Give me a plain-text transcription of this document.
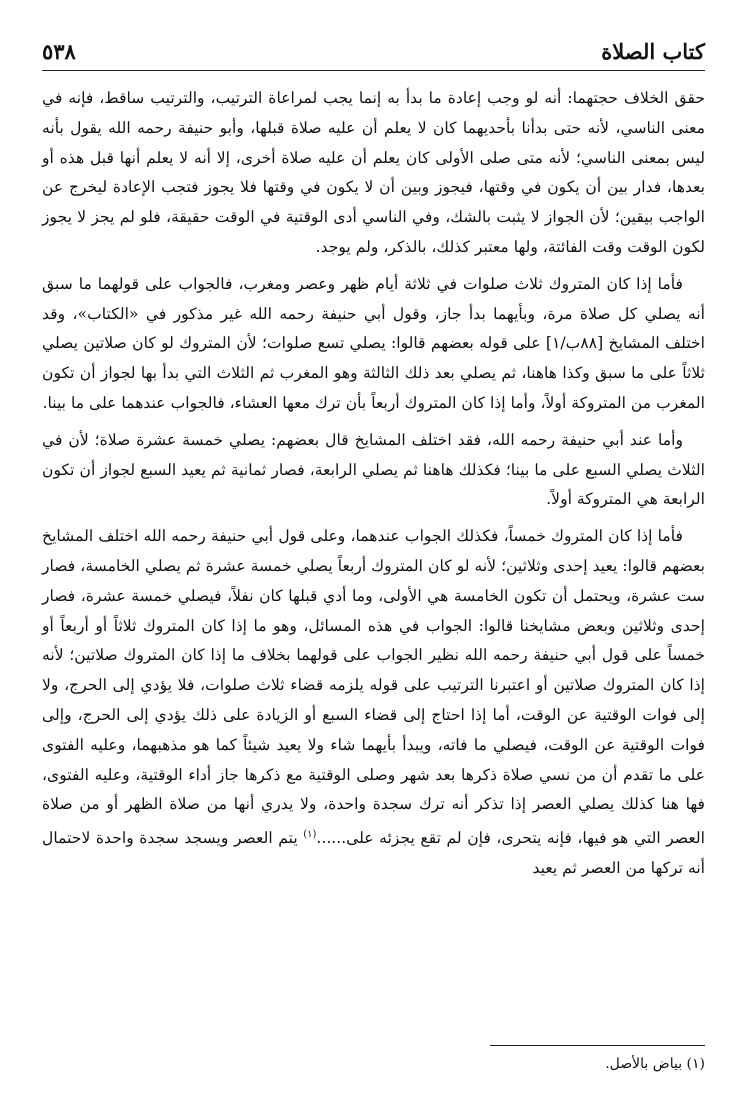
كتاب الصلاة
٥٣٨

حقق الخلاف حجتهما: أنه لو وجب إعادة ما بدأ به إنما يجب لمراعاة الترتيب، والترتيب ساقط، فإنه في معنى الناسي، لأنه حتى بدأنا بأحديهما كان لا يعلم أن عليه صلاة قبلها، وأبو حنيفة رحمه الله يقول بأنه ليس بمعنى الناسي؛ لأنه متى صلى الأولى كان يعلم أن عليه صلاة أخرى، إلا أنه لا يعلم أنها قبل هذه أو بعدها، فدار بين أن يكون في وقتها، فيجوز وبين أن لا يكون في وقتها فلا يجوز فتجب الإعادة ليخرج عن الواجب بيقين؛ لأن الجواز لا يثبت بالشك، وفي الناسي أدى الوقتية في الوقت حقيقة، فلو لم يجز لا يجوز لكون الوقت وقت الفائتة، ولها معتبر كذلك، بالذكر، ولم يوجد.

فأما إذا كان المتروك ثلاث صلوات في ثلاثة أيام ظهر وعصر ومغرب، فالجواب على قولهما ما سبق أنه يصلي كل صلاة مرة، وبأيهما بدأ جاز، وقول أبي حنيفة رحمه الله غير مذكور في «الكتاب»، وقد اختلف المشايخ [٨٨ب/١] على قوله بعضهم قالوا: يصلي تسع صلوات؛ لأن المتروك لو كان صلاتين يصلي ثلاثاً على ما سبق وكذا هاهنا، ثم يصلي بعد ذلك الثالثة وهو المغرب ثم الثلاث التي بدأ بها لجواز أن تكون المغرب من المتروكة أولاً، وأما إذا كان المتروك أربعاً بأن ترك معها العشاء، فالجواب عندهما على ما بينا.

وأما عند أبي حنيفة رحمه الله، فقد اختلف المشايخ قال بعضهم: يصلي خمسة عشرة صلاة؛ لأن في الثلاث يصلي السبع على ما بينا؛ فكذلك هاهنا ثم يصلي الرابعة، فصار ثمانية ثم يعيد السبع لجواز أن تكون الرابعة هي المتروكة أولاً.

فأما إذا كان المتروك خمساً، فكذلك الجواب عندهما، وعلى قول أبي حنيفة رحمه الله اختلف المشايخ بعضهم قالوا: يعيد إحدى وثلاثين؛ لأنه لو كان المتروك أربعاً يصلي خمسة عشرة ثم يصلي الخامسة، فصار ست عشرة، ويحتمل أن تكون الخامسة هي الأولى، وما أدي قبلها كان نفلاً، فيصلي خمسة عشرة، فصار إحدى وثلاثين وبعض مشايخنا قالوا: الجواب في هذه المسائل، وهو ما إذا كان المتروك ثلاثاً أو أربعاً أو خمساً على قول أبي حنيفة رحمه الله نظير الجواب على قولهما بخلاف ما إذا كان المتروك صلاتين؛ لأنه إذا كان المتروك صلاتين أو اعتبرنا الترتيب على قوله يلزمه قضاء ثلاث صلوات، فلا يؤدي إلى الحرج، ولا إلى فوات الوقتية عن الوقت، أما إذا احتاج إلى قضاء السبع أو الزيادة على ذلك يؤدي إلى الحرج، وإلى فوات الوقتية عن الوقت، فيصلي ما فاته، ويبدأ بأيهما شاء ولا يعيد شيئاً كما هو مذهبهما، وعليه الفتوى على ما تقدم أن من نسي صلاة ذكرها بعد شهر وصلى الوقتية مع ذكرها جاز أداء الوقتية، وعليه الفتوى، فها هنا كذلك يصلي العصر إذا تذكر أنه ترك سجدة واحدة، ولا يدري أنها من صلاة الظهر أو من صلاة العصر التي هو فيها، فإنه يتحرى، فإن لم تقع يجزئه على......$^{(١)}$ يتم العصر ويسجد سجدة واحدة لاحتمال أنه تركها من العصر ثم يعيد

(١) بياض بالأصل.
